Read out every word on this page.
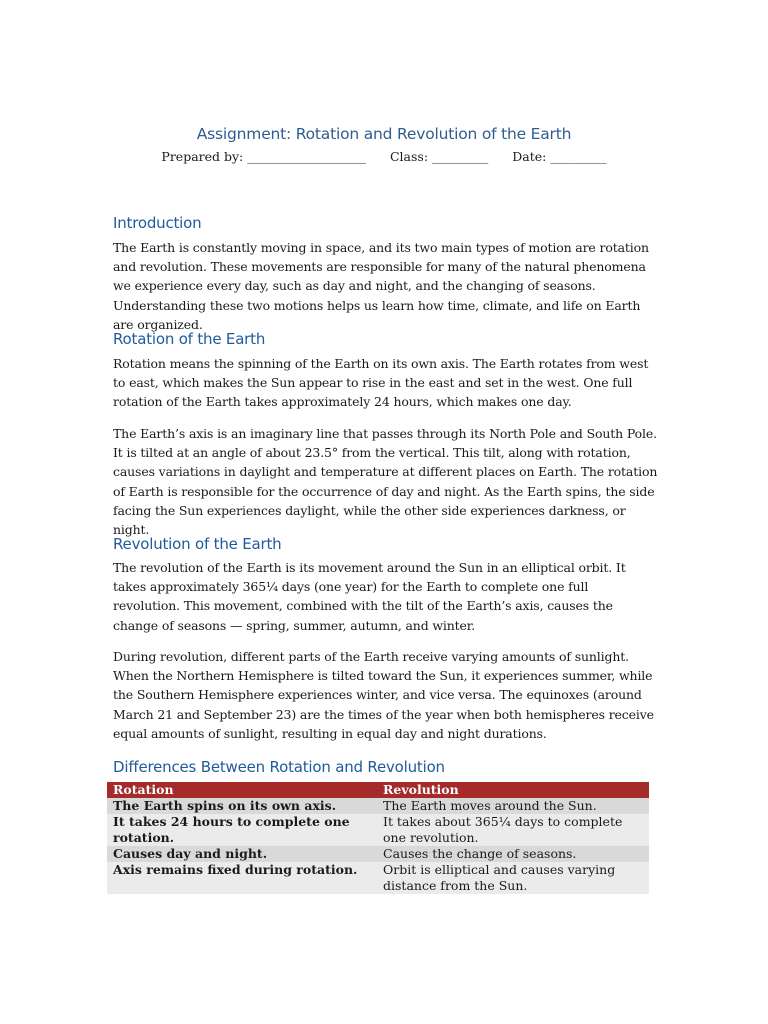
Assignment: Rotation and Revolution of the Earth
Prepared by: ___________________ Class: _________ Date: _________
Introduction

The Earth is constantly moving in space, and its two main types of motion are rotation and revolution. These movements are responsible for many of the natural phenomena we experience every day, such as day and night, and the changing of seasons. Understanding these two motions helps us learn how time, climate, and life on Earth are organized.

Rotation of the Earth

Rotation means the spinning of the Earth on its own axis. The Earth rotates from west to east, which makes the Sun appear to rise in the east and set in the west. One full rotation of the Earth takes approximately 24 hours, which makes one day.

The Earth’s axis is an imaginary line that passes through its North Pole and South Pole. It is tilted at an angle of about 23.5° from the vertical. This tilt, along with rotation, causes variations in daylight and temperature at different places on Earth. The rotation of Earth is responsible for the occurrence of day and night. As the Earth spins, the side facing the Sun experiences daylight, while the other side experiences darkness, or night.

Revolution of the Earth

The revolution of the Earth is its movement around the Sun in an elliptical orbit. It takes approximately 365¼ days (one year) for the Earth to complete one full revolution. This movement, combined with the tilt of the Earth’s axis, causes the change of seasons — spring, summer, autumn, and winter.

During revolution, different parts of the Earth receive varying amounts of sunlight. When the Northern Hemisphere is tilted toward the Sun, it experiences summer, while the Southern Hemisphere experiences winter, and vice versa. The equinoxes (around March 21 and September 23) are the times of the year when both hemispheres receive equal amounts of sunlight, resulting in equal day and night durations.

Differences Between Rotation and Revolution
Rotation	Revolution
The Earth spins on its own axis.	The Earth moves around the Sun.
It takes 24 hours to complete one rotation.	It takes about 365¼ days to complete one revolution.
Causes day and night.	Causes the change of seasons.
Axis remains fixed during rotation.	Orbit is elliptical and causes varying distance from the Sun.
